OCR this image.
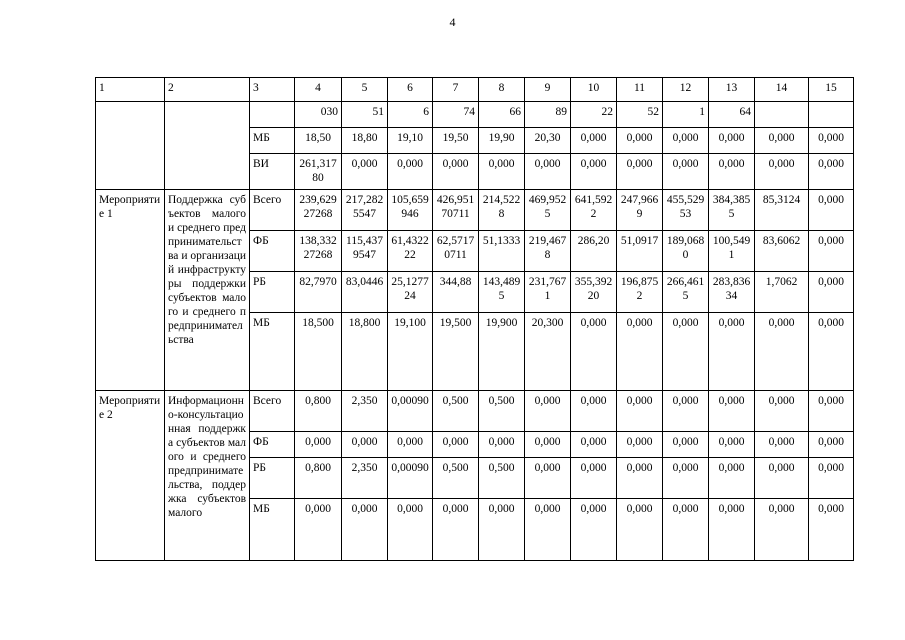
4
1	2	3	4	5	6	7	8	9	10	11	12	13	14	15
			030	51	6	74	66	89	22	52	1	64		
		МБ	18,50	18,80	19,10	19,50	19,90	20,30	0,000	0,000	0,000	0,000	0,000	0,000
		ВИ	261,31780	0,000	0,000	0,000	0,000	0,000	0,000	0,000	0,000	0,000	0,000	0,000
Мероприятие 1	Поддержка субъектов малого и среднего предпринимательства и организаций инфраструктуры поддержки субъектов малого и среднего предпринимательства	Всего	239,62927268	217,2825547	105,659946	426,95170711	214,5228	469,9525	641,5922	247,9669	455,52953	384,3855	85,3124	0,000
		ФБ	138,33227268	115,4379547	61,432222	62,57170711	51,1333	219,4678	286,20	51,0917	189,0680	100,5491	83,6062	0,000
		РБ	82,7970	83,0446	25,127724	344,88	143,4895	231,7671	355,39220	196,8752	266,4615	283,83634	1,7062	0,000
		МБ	18,500	18,800	19,100	19,500	19,900	20,300	0,000	0,000	0,000	0,000	0,000	0,000
Мероприятие 2	Информационно-консультационная поддержка субъектов малого и среднего предпринимательства, поддержка субъектов малого	Всего	0,800	2,350	0,00090	0,500	0,500	0,000	0,000	0,000	0,000	0,000	0,000	0,000
		ФБ	0,000	0,000	0,000	0,000	0,000	0,000	0,000	0,000	0,000	0,000	0,000	0,000
		РБ	0,800	2,350	0,00090	0,500	0,500	0,000	0,000	0,000	0,000	0,000	0,000	0,000
		МБ	0,000	0,000	0,000	0,000	0,000	0,000	0,000	0,000	0,000	0,000	0,000	0,000
